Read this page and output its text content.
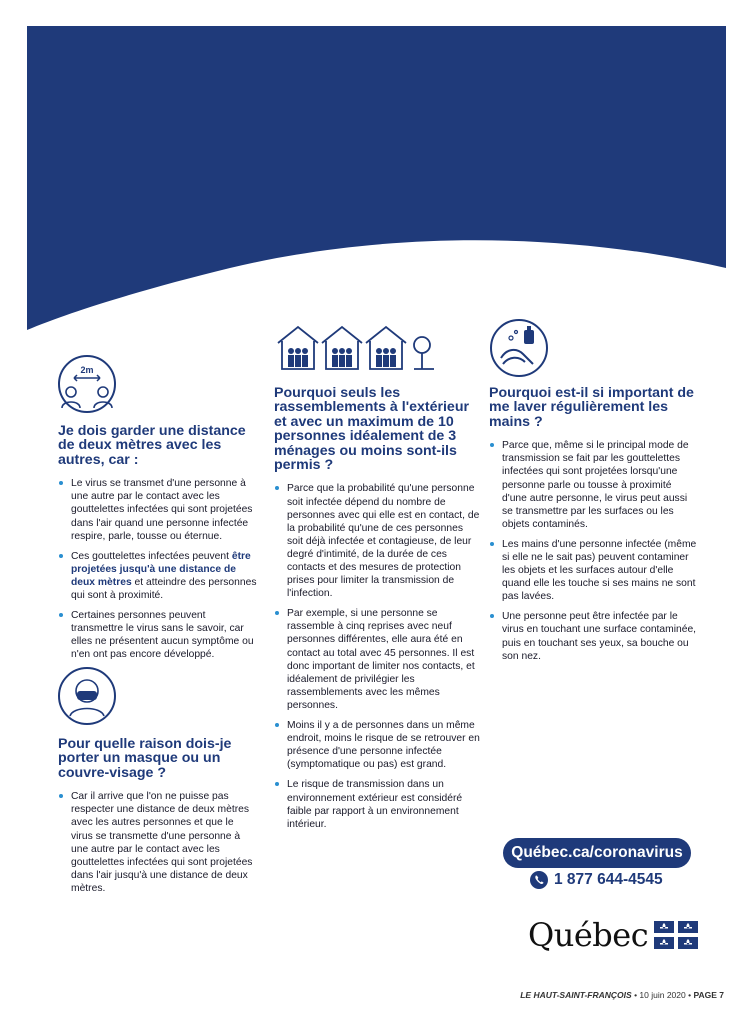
2m
Je dois garder une distance de deux mètres avec les autres, car :
Le virus se transmet d'une personne à une autre par le contact avec les gouttelettes infectées qui sont projetées dans l'air quand une personne infectée respire, parle, tousse ou éternue.
Ces gouttelettes infectées peuvent être projetées jusqu'à une distance de deux mètres et atteindre des personnes qui sont à proximité.
Certaines personnes peuvent transmettre le virus sans le savoir, car elles ne présentent aucun symptôme ou n'en ont pas encore développé.
Pour quelle raison dois-je porter un masque ou un couvre-visage ?
Car il arrive que l'on ne puisse pas respecter une distance de deux mètres avec les autres personnes et que le virus se transmette d'une personne à une autre par le contact avec les gouttelettes infectées qui sont projetées dans l'air jusqu'à une distance de deux mètres.
Pourquoi seuls les rassemblements à l'extérieur et avec un maximum de 10 personnes idéalement de 3 ménages ou moins sont-ils permis ?
Parce que la probabilité qu'une personne soit infectée dépend du nombre de personnes avec qui elle est en contact, de la probabilité qu'une de ces personnes soit déjà infectée et contagieuse, de leur degré d'intimité, de la durée de ces contacts et des mesures de protection prises pour limiter la transmission de l'infection.
Par exemple, si une personne se rassemble à cinq reprises avec neuf personnes différentes, elle aura été en contact au total avec 45 personnes. Il est donc important de limiter nos contacts, et idéalement de privilégier les rassemblements avec les mêmes personnes.
Moins il y a de personnes dans un même endroit, moins le risque de se retrouver en présence d'une personne infectée (symptomatique ou pas) est grand.
Le risque de transmission dans un environnement extérieur est considéré faible par rapport à un environnement intérieur.
Pourquoi est-il si important de me laver régulièrement les mains ?
Parce que, même si le principal mode de transmission se fait par les gouttelettes infectées qui sont projetées lorsqu'une personne parle ou tousse à proximité d'une autre personne, le virus peut aussi se transmettre par les surfaces ou les objets contaminés.
Les mains d'une personne infectée (même si elle ne le sait pas) peuvent contaminer les objets et les surfaces autour d'elle quand elle les touche si ses mains ne sont pas lavées.
Une personne peut être infectée par le virus en touchant une surface contaminée, puis en touchant ses yeux, sa bouche ou son nez.
Québec.ca/coronavirus
1 877 644-4545
Québec
LE HAUT-SAINT-FRANÇOIS • 10 juin 2020 • PAGE 7
